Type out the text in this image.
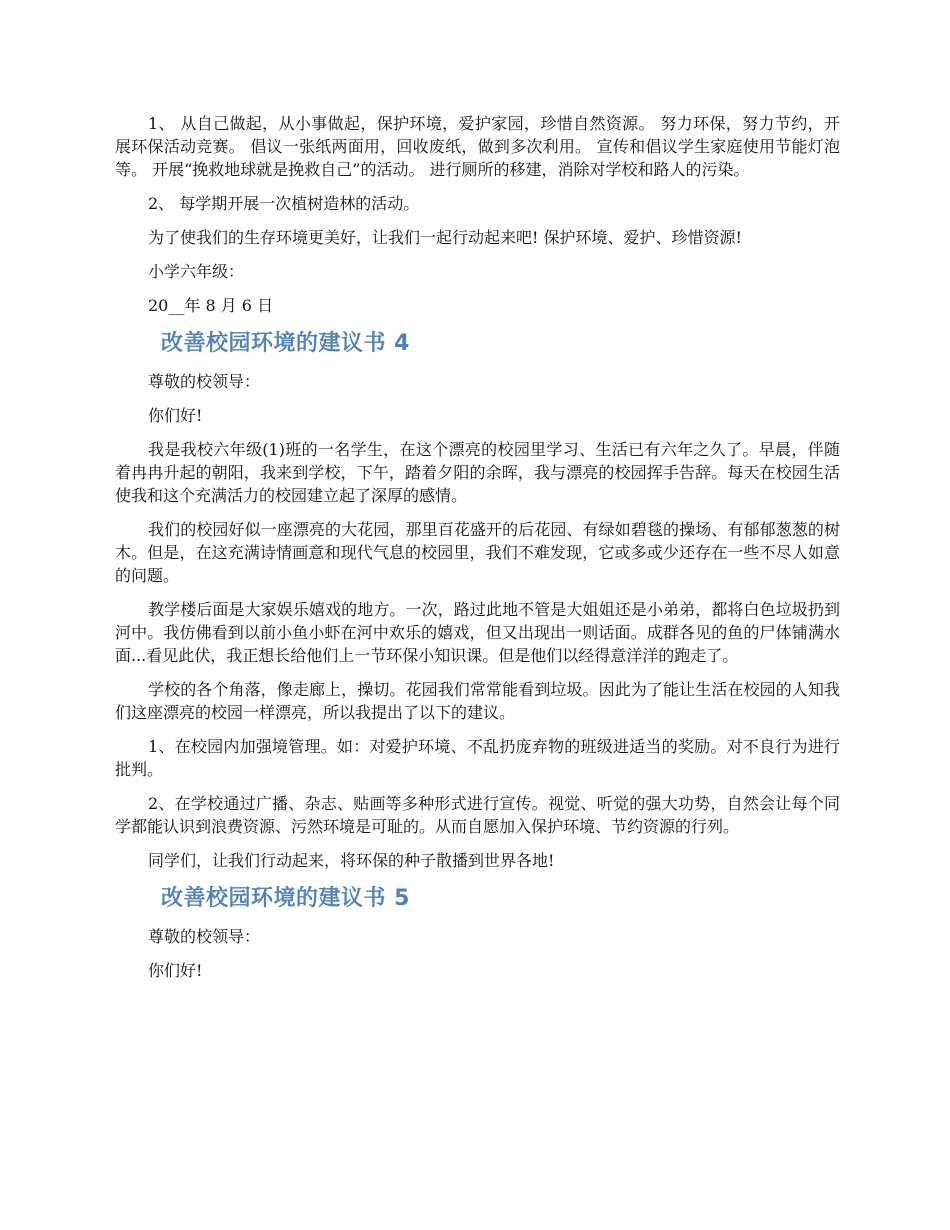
1、 从自己做起，从小事做起，保护环境，爱护家园，珍惜自然资源。 努力环保，努力节约，开展环保活动竞赛。 倡议一张纸两面用，回收废纸，做到多次利用。 宣传和倡议学生家庭使用节能灯泡等。 开展“挽救地球就是挽救自己”的活动。 进行厕所的移建，消除对学校和路人的污染。

2、 每学期开展一次植树造林的活动。

为了使我们的生存环境更美好，让我们一起行动起来吧! 保护环境、爱护、珍惜资源!

小学六年级：

20__年 8 月 6 日

改善校园环境的建议书 4

尊敬的校领导：

你们好!

我是我校六年级(1)班的一名学生，在这个漂亮的校园里学习、生活已有六年之久了。早晨，伴随着冉冉升起的朝阳，我来到学校，下午，踏着夕阳的余晖，我与漂亮的校园挥手告辞。每天在校园生活使我和这个充满活力的校园建立起了深厚的感情。

我们的校园好似一座漂亮的大花园，那里百花盛开的后花园、有绿如碧毯的操场、有郁郁葱葱的树木。但是，在这充满诗情画意和现代气息的校园里，我们不难发现，它或多或少还存在一些不尽人如意的问题。

教学楼后面是大家娱乐嬉戏的地方。一次，路过此地不管是大姐姐还是小弟弟，都将白色垃圾扔到河中。我仿佛看到以前小鱼小虾在河中欢乐的嬉戏，但又出现出一则话面。成群各见的鱼的尸体铺满水面...看见此伏，我正想长给他们上一节环保小知识课。但是他们以经得意洋洋的跑走了。

学校的各个角落，像走廊上，操切。花园我们常常能看到垃圾。因此为了能让生活在校园的人知我们这座漂亮的校园一样漂亮，所以我提出了以下的建议。

1、在校园内加强境管理。如：对爱护环境、不乱扔庞弃物的班级进适当的奖励。对不良行为进行批判。

2、在学校通过广播、杂志、贴画等多种形式进行宣传。视觉、听觉的强大功势，自然会让每个同学都能认识到浪费资源、污然环境是可耻的。从而自愿加入保护环境、节约资源的行列。

同学们，让我们行动起来，将环保的种子散播到世界各地!

改善校园环境的建议书 5

尊敬的校领导：

你们好!
